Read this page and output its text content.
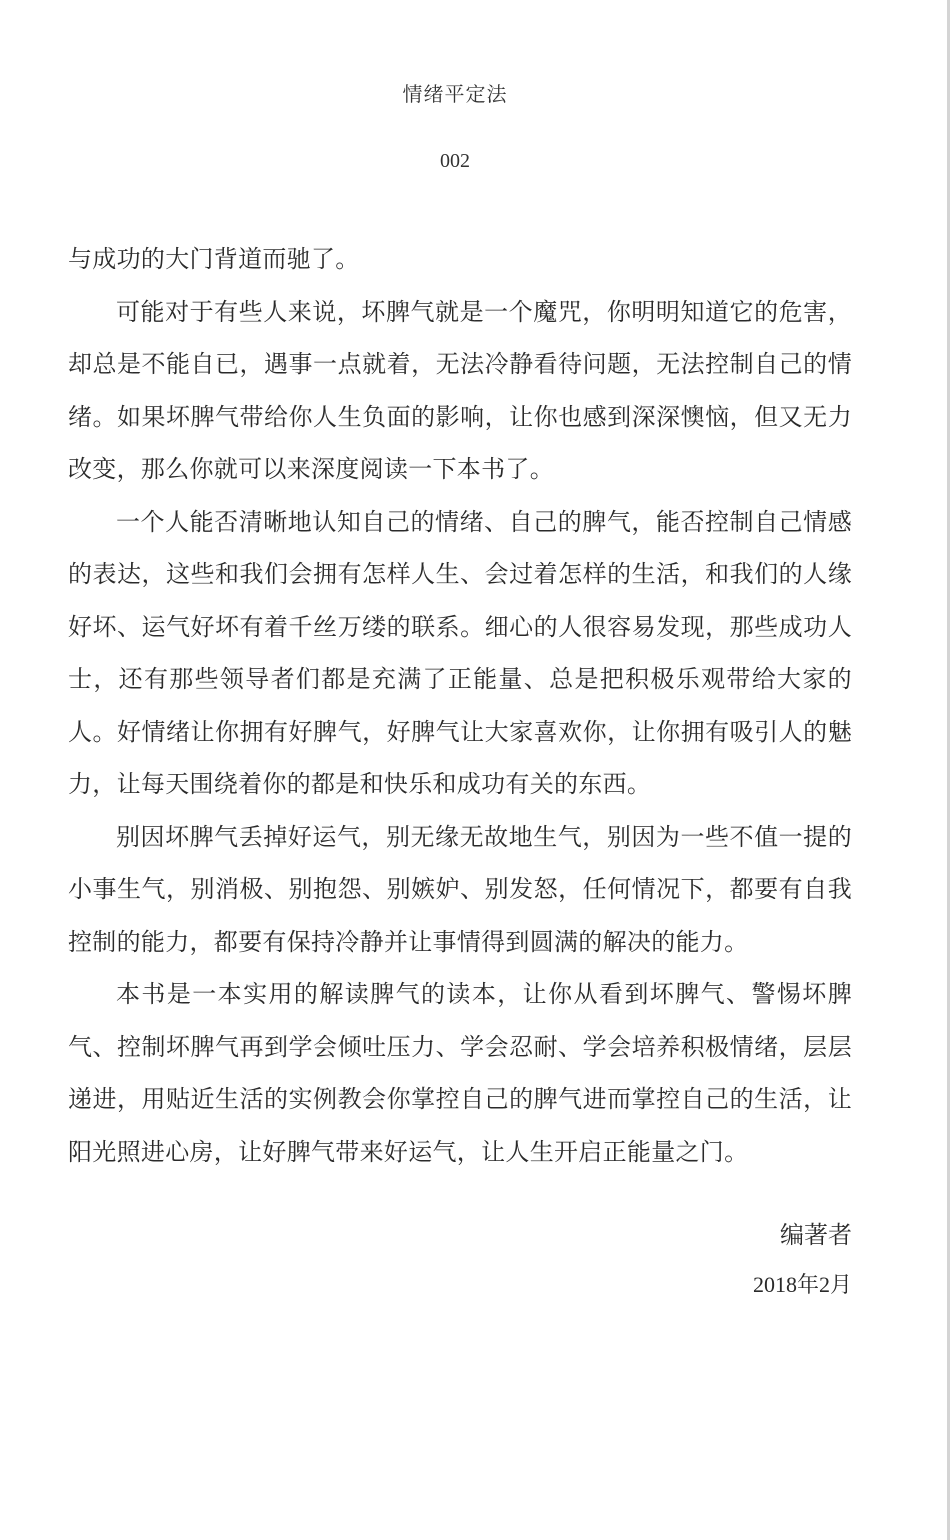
情绪平定法
002

与成功的大门背道而驰了。

可能对于有些人来说，坏脾气就是一个魔咒，你明明知道它的危害，却总是不能自已，遇事一点就着，无法冷静看待问题，无法控制自己的情绪。如果坏脾气带给你人生负面的影响，让你也感到深深懊恼，但又无力改变，那么你就可以来深度阅读一下本书了。

一个人能否清晰地认知自己的情绪、自己的脾气，能否控制自己情感的表达，这些和我们会拥有怎样人生、会过着怎样的生活，和我们的人缘好坏、运气好坏有着千丝万缕的联系。细心的人很容易发现，那些成功人士，还有那些领导者们都是充满了正能量、总是把积极乐观带给大家的人。好情绪让你拥有好脾气，好脾气让大家喜欢你，让你拥有吸引人的魅力，让每天围绕着你的都是和快乐和成功有关的东西。

别因坏脾气丢掉好运气，别无缘无故地生气，别因为一些不值一提的小事生气，别消极、别抱怨、别嫉妒、别发怒，任何情况下，都要有自我控制的能力，都要有保持冷静并让事情得到圆满的解决的能力。

本书是一本实用的解读脾气的读本，让你从看到坏脾气、警惕坏脾气、控制坏脾气再到学会倾吐压力、学会忍耐、学会培养积极情绪，层层递进，用贴近生活的实例教会你掌控自己的脾气进而掌控自己的生活，让阳光照进心房，让好脾气带来好运气，让人生开启正能量之门。

编著者
2018年2月
